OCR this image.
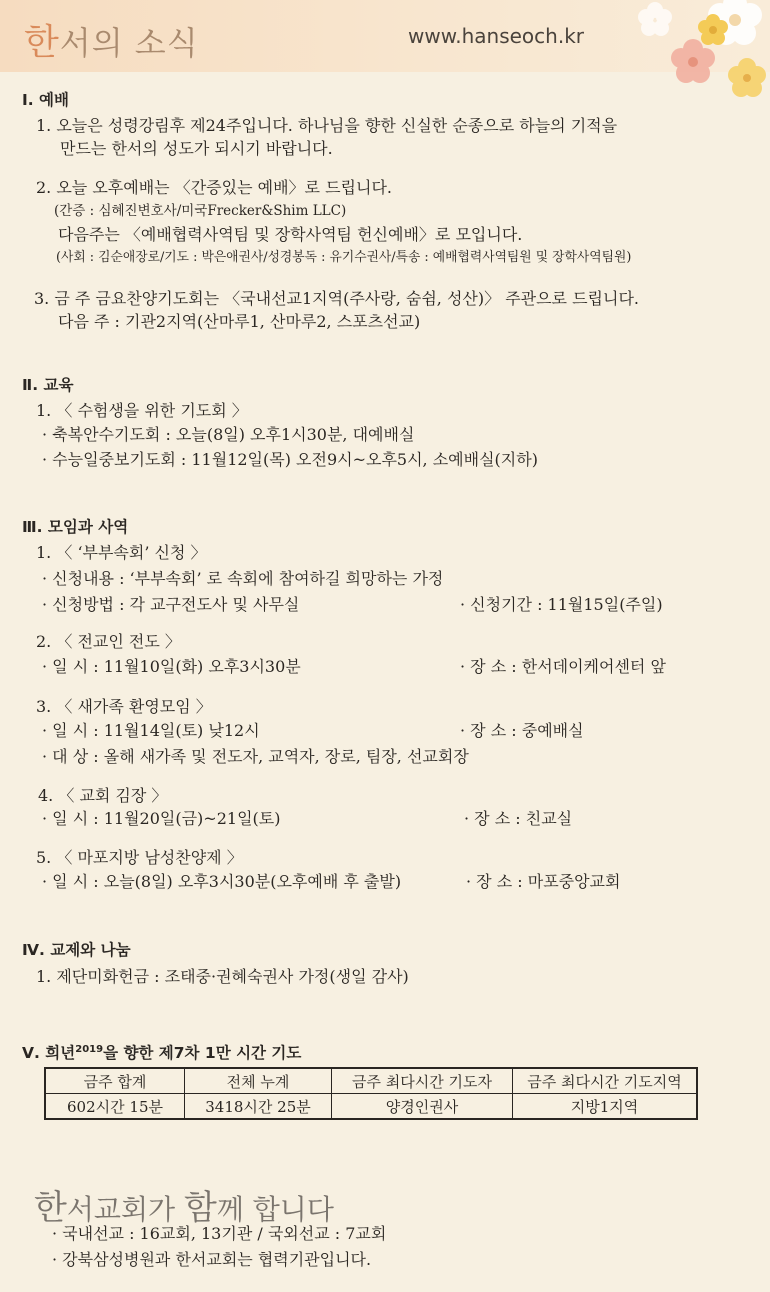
한서의 소식	www.hanseoch.kr
Ⅰ. 예배
1. 오늘은 성령강림후 제24주입니다. 하나님을 향한 신실한 순종으로 하늘의 기적을
만드는 한서의 성도가 되시기 바랍니다.
2. 오늘 오후예배는 〈간증있는 예배〉로 드립니다.
(간증 : 심혜진변호사/미국Frecker&Shim LLC)
다음주는 〈예배협력사역팀 및 장학사역팀 헌신예배〉로 모입니다.
(사회 : 김순애장로/기도 : 박은애권사/성경봉독 : 유기수권사/특송 : 예배협력사역팀원 및 장학사역팀원)
3. 금 주 금요찬양기도회는 〈국내선교1지역(주사랑, 숨쉼, 성산)〉 주관으로 드립니다.
다음 주 : 기관2지역(산마루1, 산마루2, 스포츠선교)
Ⅱ. 교육
1. 〈 수험생을 위한 기도회 〉
· 축복안수기도회 : 오늘(8일) 오후1시30분, 대예배실
· 수능일중보기도회 : 11월12일(목) 오전9시~오후5시, 소예배실(지하)
Ⅲ. 모임과 사역
1. 〈 ‘부부속회’ 신청 〉
· 신청내용 : ‘부부속회’ 로 속회에 참여하길 희망하는 가정
· 신청방법 : 각 교구전도사 및 사무실	· 신청기간 : 11월15일(주일)
2. 〈 전교인 전도 〉
· 일 시 : 11월10일(화) 오후3시30분	· 장 소 : 한서데이케어센터 앞
3. 〈 새가족 환영모임 〉
· 일 시 : 11월14일(토) 낮12시	· 장 소 : 중예배실
· 대 상 : 올해 새가족 및 전도자, 교역자, 장로, 팀장, 선교회장
4. 〈 교회 김장 〉
· 일 시 : 11월20일(금)~21일(토)	· 장 소 : 친교실
5. 〈 마포지방 남성찬양제 〉
· 일 시 : 오늘(8일) 오후3시30분(오후예배 후 출발)	· 장 소 : 마포중앙교회
Ⅳ. 교제와 나눔
1. 제단미화헌금 : 조태중·권혜숙권사 가정(생일 감사)
Ⅴ. 희년$^{2019}$을 향한 제7차 1만 시간 기도
금주 합계	전체 누계	금주 최다시간 기도자	금주 최다시간 기도지역
602시간 15분	3418시간 25분	양경인권사	지방1지역
한서교회가 함께 합니다
· 국내선교 : 16교회, 13기관 / 국외선교 : 7교회
· 강북삼성병원과 한서교회는 협력기관입니다.
